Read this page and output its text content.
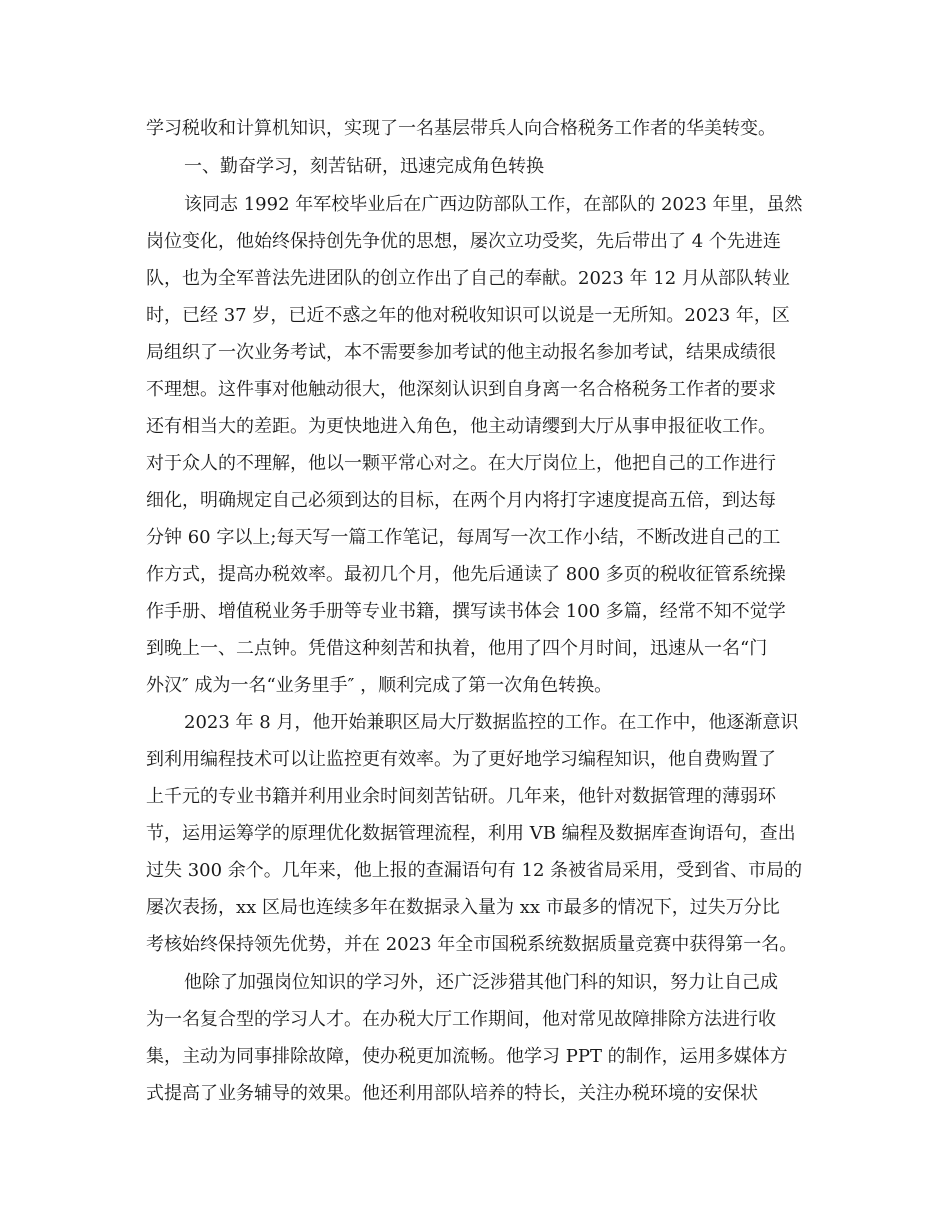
学习税收和计算机知识，实现了一名基层带兵人向合格税务工作者的华美转变。
一、勤奋学习，刻苦钻研，迅速完成角色转换
该同志 1992 年军校毕业后在广西边防部队工作，在部队的 2023 年里，虽然
岗位变化，他始终保持创先争优的思想，屡次立功受奖，先后带出了 4 个先进连
队，也为全军普法先进团队的创立作出了自己的奉献。2023 年 12 月从部队转业
时，已经 37 岁，已近不惑之年的他对税收知识可以说是一无所知。2023 年，区
局组织了一次业务考试，本不需要参加考试的他主动报名参加考试，结果成绩很
不理想。这件事对他触动很大，他深刻认识到自身离一名合格税务工作者的要求
还有相当大的差距。为更快地进入角色，他主动请缨到大厅从事申报征收工作。
对于众人的不理解，他以一颗平常心对之。在大厅岗位上，他把自己的工作进行
细化，明确规定自己必须到达的目标，在两个月内将打字速度提高五倍，到达每
分钟 60 字以上;每天写一篇工作笔记，每周写一次工作小结，不断改进自己的工
作方式，提高办税效率。最初几个月，他先后通读了 800 多页的税收征管系统操
作手册、增值税业务手册等专业书籍，撰写读书体会 100 多篇，经常不知不觉学
到晚上一、二点钟。凭借这种刻苦和执着，他用了四个月时间，迅速从一名“门
外汉″ 成为一名“业务里手″ ，顺利完成了第一次角色转换。
2023 年 8 月，他开始兼职区局大厅数据监控的工作。在工作中，他逐渐意识
到利用编程技术可以让监控更有效率。为了更好地学习编程知识，他自费购置了
上千元的专业书籍并利用业余时间刻苦钻研。几年来，他针对数据管理的薄弱环
节，运用运筹学的原理优化数据管理流程，利用 VB 编程及数据库查询语句，查出
过失 300 余个。几年来，他上报的查漏语句有 12 条被省局采用，受到省、市局的
屡次表扬，xx 区局也连续多年在数据录入量为 xx 市最多的情况下，过失万分比
考核始终保持领先优势，并在 2023 年全市国税系统数据质量竞赛中获得第一名。
他除了加强岗位知识的学习外，还广泛涉猎其他门科的知识，努力让自己成
为一名复合型的学习人才。在办税大厅工作期间，他对常见故障排除方法进行收
集，主动为同事排除故障，使办税更加流畅。他学习 PPT 的制作，运用多媒体方
式提高了业务辅导的效果。他还利用部队培养的特长，关注办税环境的安保状
